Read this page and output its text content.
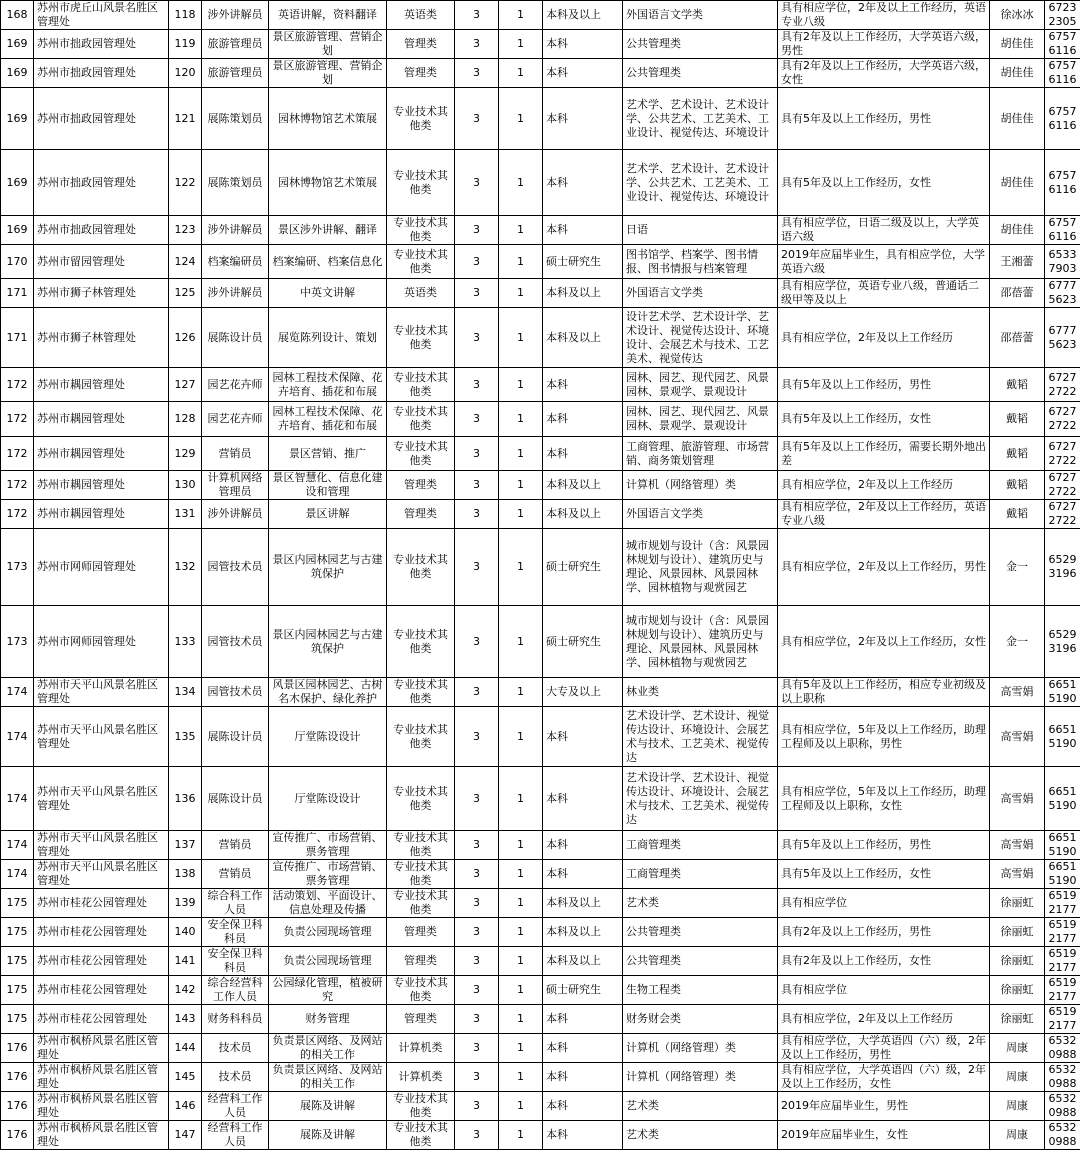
168	苏州市虎丘山风景名胜区管理处	118	涉外讲解员	英语讲解，资料翻译	英语类	3	1	本科及以上	外国语言文学类	具有相应学位，2年及以上工作经历，英语专业八级	徐冰冰	67232305
169	苏州市拙政园管理处	119	旅游管理员	景区旅游管理、营销企划	管理类	3	1	本科	公共管理类	具有2年及以上工作经历，大学英语六级，男性	胡佳佳	67576116
169	苏州市拙政园管理处	120	旅游管理员	景区旅游管理、营销企划	管理类	3	1	本科	公共管理类	具有2年及以上工作经历，大学英语六级，女性	胡佳佳	67576116
169	苏州市拙政园管理处	121	展陈策划员	园林博物馆艺术策展	专业技术其他类	3	1	本科	艺术学、艺术设计、艺术设计学、公共艺术、工艺美术、工业设计、视觉传达、环境设计	具有5年及以上工作经历，男性	胡佳佳	67576116
169	苏州市拙政园管理处	122	展陈策划员	园林博物馆艺术策展	专业技术其他类	3	1	本科	艺术学、艺术设计、艺术设计学、公共艺术、工艺美术、工业设计、视觉传达、环境设计	具有5年及以上工作经历，女性	胡佳佳	67576116
169	苏州市拙政园管理处	123	涉外讲解员	景区涉外讲解、翻译	专业技术其他类	3	1	本科	日语	具有相应学位，日语二级及以上，大学英语六级	胡佳佳	67576116
170	苏州市留园管理处	124	档案编研员	档案编研、档案信息化	专业技术其他类	3	1	硕士研究生	图书馆学、档案学、图书情报、图书情报与档案管理	2019年应届毕业生，具有相应学位，大学英语六级	王湘蕾	65337903
171	苏州市狮子林管理处	125	涉外讲解员	中英文讲解	英语类	3	1	本科及以上	外国语言文学类	具有相应学位，英语专业八级，普通话二级甲等及以上	邵蓓蕾	67775623
171	苏州市狮子林管理处	126	展陈设计员	展览陈列设计、策划	专业技术其他类	3	1	本科及以上	设计艺术学、艺术设计学、艺术设计、视觉传达设计、环境设计、会展艺术与技术、工艺美术、视觉传达	具有相应学位，2年及以上工作经历	邵蓓蕾	67775623
172	苏州市耦园管理处	127	园艺花卉师	园林工程技术保障、花卉培育、插花和布展	专业技术其他类	3	1	本科	园林、园艺、现代园艺、风景园林、景观学、景观设计	具有5年及以上工作经历，男性	戴韬	67272722
172	苏州市耦园管理处	128	园艺花卉师	园林工程技术保障、花卉培育、插花和布展	专业技术其他类	3	1	本科	园林、园艺、现代园艺、风景园林、景观学、景观设计	具有5年及以上工作经历，女性	戴韬	67272722
172	苏州市耦园管理处	129	营销员	景区营销、推广	专业技术其他类	3	1	本科	工商管理、旅游管理、市场营销、商务策划管理	具有5年及以上工作经历，需要长期外地出差	戴韬	67272722
172	苏州市耦园管理处	130	计算机网络管理员	景区智慧化、信息化建设和管理	管理类	3	1	本科及以上	计算机（网络管理）类	具有相应学位，2年及以上工作经历	戴韬	67272722
172	苏州市耦园管理处	131	涉外讲解员	景区讲解	管理类	3	1	本科及以上	外国语言文学类	具有相应学位，2年及以上工作经历，英语专业八级	戴韬	67272722
173	苏州市网师园管理处	132	园管技术员	景区内园林园艺与古建筑保护	专业技术其他类	3	1	硕士研究生	城市规划与设计（含：风景园林规划与设计）、建筑历史与理论、风景园林、风景园林学、园林植物与观赏园艺	具有相应学位，2年及以上工作经历，男性	金一	65293196
173	苏州市网师园管理处	133	园管技术员	景区内园林园艺与古建筑保护	专业技术其他类	3	1	硕士研究生	城市规划与设计（含：风景园林规划与设计）、建筑历史与理论、风景园林、风景园林学、园林植物与观赏园艺	具有相应学位，2年及以上工作经历，女性	金一	65293196
174	苏州市天平山风景名胜区管理处	134	园管技术员	风景区园林园艺、古树名木保护、绿化养护	专业技术其他类	3	1	大专及以上	林业类	具有5年及以上工作经历，相应专业初级及以上职称	高雪娟	66515190
174	苏州市天平山风景名胜区管理处	135	展陈设计员	厅堂陈设设计	专业技术其他类	3	1	本科	艺术设计学、艺术设计、视觉传达设计、环境设计、会展艺术与技术、工艺美术、视觉传达	具有相应学位，5年及以上工作经历，助理工程师及以上职称，男性	高雪娟	66515190
174	苏州市天平山风景名胜区管理处	136	展陈设计员	厅堂陈设设计	专业技术其他类	3	1	本科	艺术设计学、艺术设计、视觉传达设计、环境设计、会展艺术与技术、工艺美术、视觉传达	具有相应学位，5年及以上工作经历，助理工程师及以上职称，女性	高雪娟	66515190
174	苏州市天平山风景名胜区管理处	137	营销员	宣传推广、市场营销、票务管理	专业技术其他类	3	1	本科	工商管理类	具有5年及以上工作经历，男性	高雪娟	66515190
174	苏州市天平山风景名胜区管理处	138	营销员	宣传推广、市场营销、票务管理	专业技术其他类	3	1	本科	工商管理类	具有5年及以上工作经历，女性	高雪娟	66515190
175	苏州市桂花公园管理处	139	综合科工作人员	活动策划、平面设计、信息处理及传播	专业技术其他类	3	1	本科及以上	艺术类	具有相应学位	徐丽虹	65192177
175	苏州市桂花公园管理处	140	安全保卫科科员	负责公园现场管理	管理类	3	1	本科及以上	公共管理类	具有2年及以上工作经历，男性	徐丽虹	65192177
175	苏州市桂花公园管理处	141	安全保卫科科员	负责公园现场管理	管理类	3	1	本科及以上	公共管理类	具有2年及以上工作经历，女性	徐丽虹	65192177
175	苏州市桂花公园管理处	142	综合经营科工作人员	公园绿化管理，植被研究	专业技术其他类	3	1	硕士研究生	生物工程类	具有相应学位	徐丽虹	65192177
175	苏州市桂花公园管理处	143	财务科科员	财务管理	管理类	3	1	本科	财务财会类	具有相应学位，2年及以上工作经历	徐丽虹	65192177
176	苏州市枫桥风景名胜区管理处	144	技术员	负责景区网络、及网站的相关工作	计算机类	3	1	本科	计算机（网络管理）类	具有相应学位，大学英语四（六）级，2年及以上工作经历，男性	周康	65320988
176	苏州市枫桥风景名胜区管理处	145	技术员	负责景区网络、及网站的相关工作	计算机类	3	1	本科	计算机（网络管理）类	具有相应学位，大学英语四（六）级，2年及以上工作经历，女性	周康	65320988
176	苏州市枫桥风景名胜区管理处	146	经营科工作人员	展陈及讲解	专业技术其他类	3	1	本科	艺术类	2019年应届毕业生，男性	周康	65320988
176	苏州市枫桥风景名胜区管理处	147	经营科工作人员	展陈及讲解	专业技术其他类	3	1	本科	艺术类	2019年应届毕业生，女性	周康	65320988
